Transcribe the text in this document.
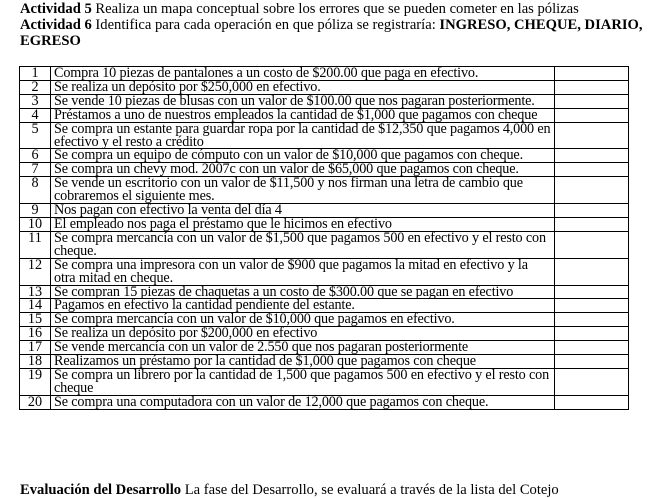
Actividad 5 Realiza un mapa conceptual sobre los errores que se pueden cometer en las pólizas

Actividad 6 Identifica para cada operación en que póliza se registraría: INGRESO, CHEQUE, DIARIO, EGRESO

1	Compra 10 piezas de pantalones a un costo de $200.00 que paga en efectivo.	
2	Se realiza un depósito por $250,000 en efectivo.	
3	Se vende 10 piezas de blusas con un valor de $100.00 que nos pagaran posteriormente.	
4	Préstamos a uno de nuestros empleados la cantidad de $1,000 que pagamos con cheque	
5	Se compra un estante para guardar ropa por la cantidad de $12,350 que pagamos 4,000 en efectivo y el resto a crédito	
6	Se compra un equipo de cómputo con un valor de $10,000 que pagamos con cheque.	
7	Se compra un chevy mod. 2007c con un valor de $65,000 que pagamos con cheque.	
8	Se vende un escritorio con un valor de $11,500 y nos firman una letra de cambio que cobraremos el siguiente mes.	
9	Nos pagan con efectivo la venta del día 4	
10	El empleado nos paga el préstamo que le hicimos en efectivo	
11	Se compra mercancía con un valor de $1,500 que pagamos 500 en efectivo y el resto con cheque.	
12	Se compra una impresora con un valor de $900 que pagamos la mitad en efectivo y la otra mitad en cheque.	
13	Se compran 15 piezas de chaquetas a un costo de $300.00 que se pagan en efectivo	
14	Pagamos en efectivo la cantidad pendiente del estante.	
15	Se compra mercancía con un valor de $10,000 que pagamos en efectivo.	
16	Se realiza un depósito por $200,000 en efectivo	
17	Se vende mercancía con un valor de 2.550 que nos pagaran posteriormente	
18	Realizamos un préstamo por la cantidad de $1,000 que pagamos con cheque	
19	Se compra un librero por la cantidad de 1,500 que pagamos 500 en efectivo y el resto con cheque	
20	Se compra una computadora con un valor de 12,000 que pagamos con cheque.	
Evaluación del Desarrollo La fase del Desarrollo, se evaluará a través de la lista del Cotejo
